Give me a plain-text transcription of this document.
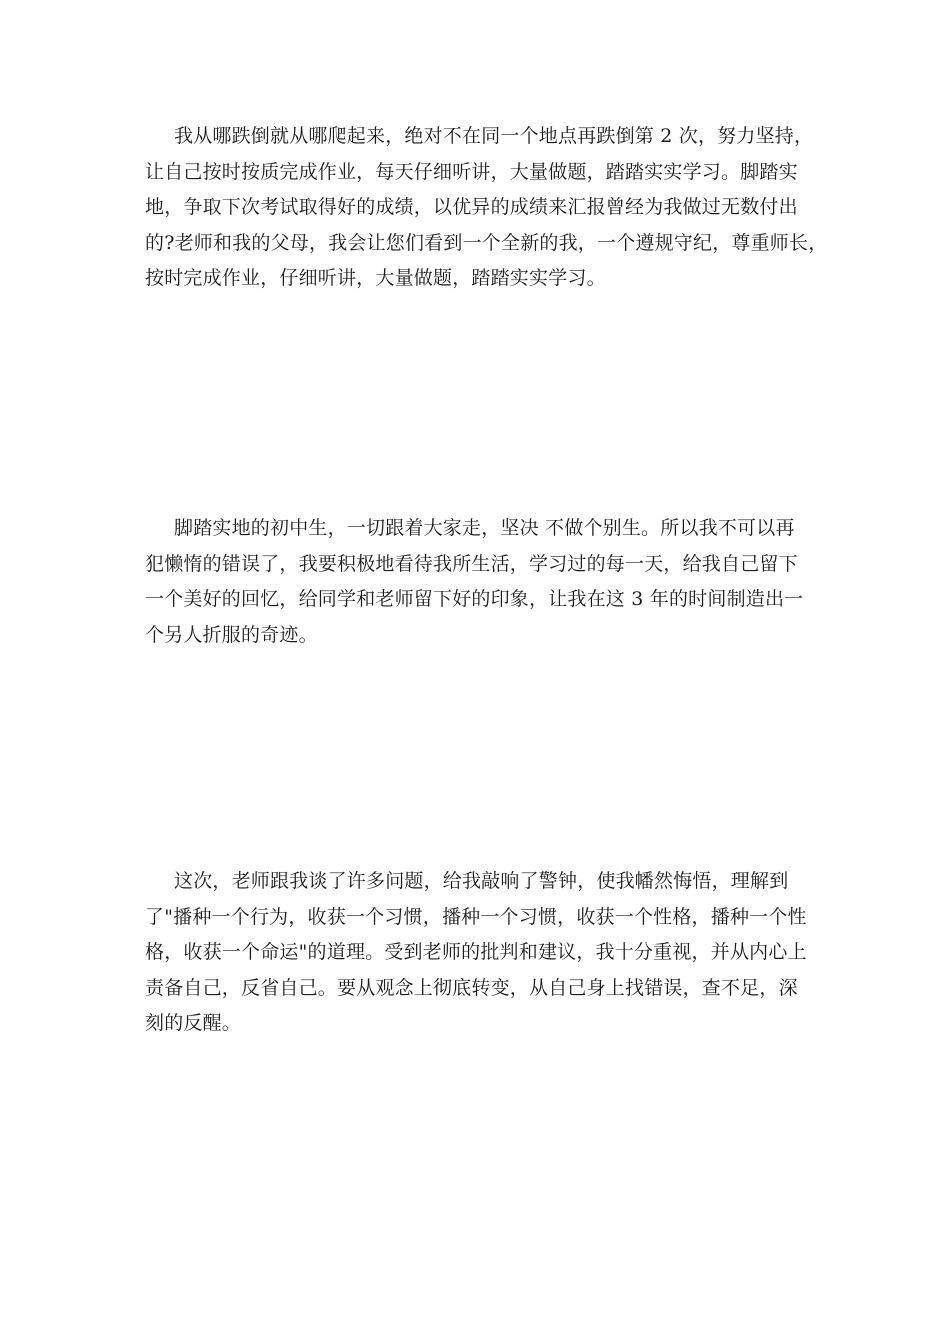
我从哪跌倒就从哪爬起来，绝对不在同一个地点再跌倒第 2 次，努力坚持，
让自己按时按质完成作业，每天仔细听讲，大量做题，踏踏实实学习。脚踏实
地，争取下次考试取得好的成绩，以优异的成绩来汇报曾经为我做过无数付出
的?老师和我的父母，我会让您们看到一个全新的我，一个遵规守纪，尊重师长，
按时完成作业，仔细听讲，大量做题，踏踏实实学习。
脚踏实地的初中生，一切跟着大家走，坚决 不做个别生。所以我不可以再
犯懒惰的错误了，我要积极地看待我所生活，学习过的每一天，给我自己留下
一个美好的回忆，给同学和老师留下好的印象，让我在这 3 年的时间制造出一
个另人折服的奇迹。
这次，老师跟我谈了许多问题，给我敲响了警钟，使我幡然悔悟，理解到
了"播种一个行为，收获一个习惯，播种一个习惯，收获一个性格，播种一个性
格，收获一个命运"的道理。受到老师的批判和建议，我十分重视，并从内心上
责备自己，反省自己。要从观念上彻底转变，从自己身上找错误，查不足，深
刻的反醒。
